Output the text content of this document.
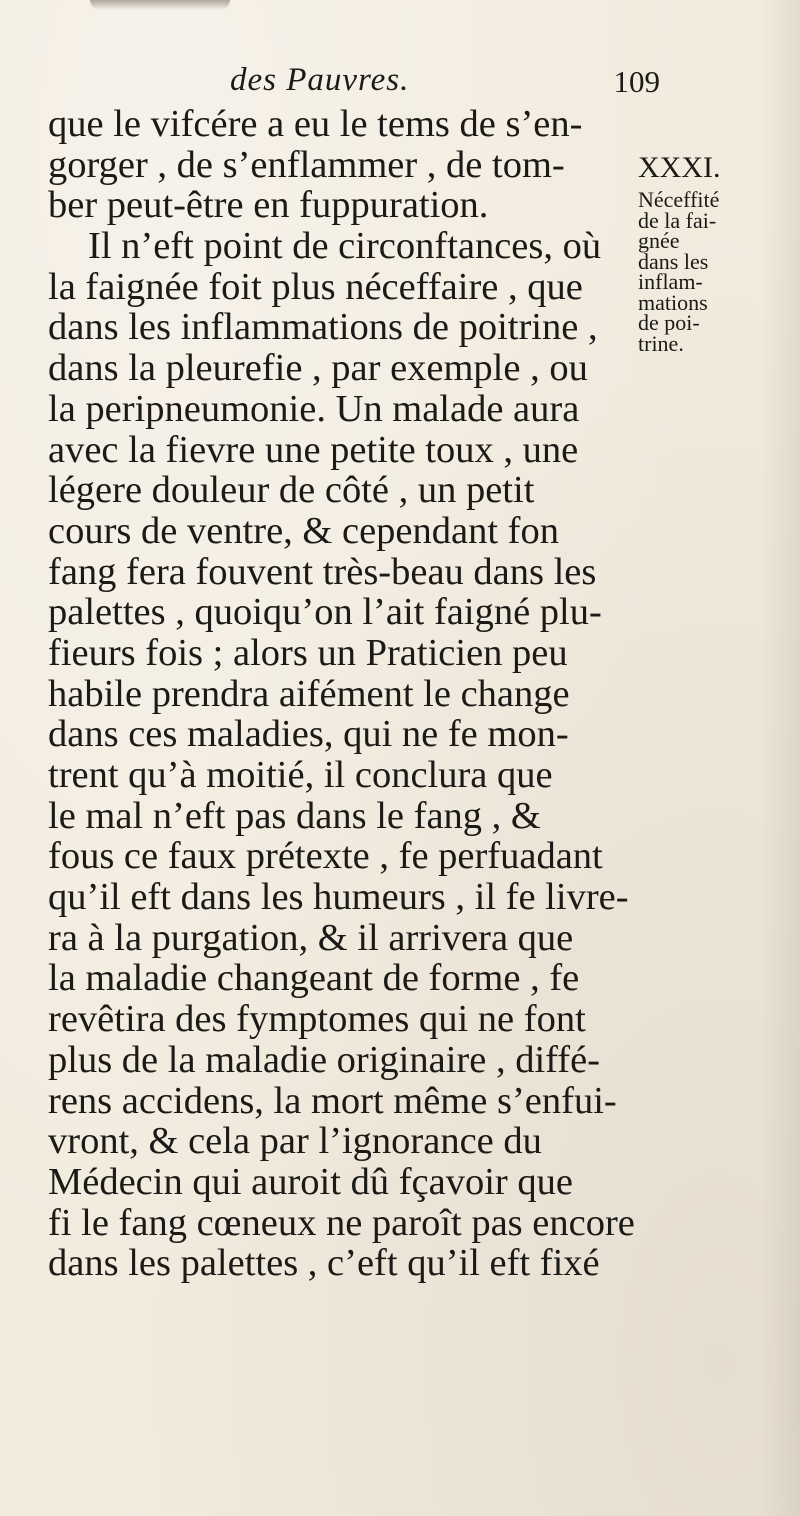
des Pauvres.	109
que le vifcére a eu le tems de s’en-
gorger , de s’enflammer , de tom-
ber peut-être en fuppuration.
Il n’eft point de circonftances, où
la faignée foit plus néceffaire , que
dans les inflammations de poitrine ,
dans la pleurefie , par exemple , ou
la peripneumonie. Un malade aura
avec la fievre une petite toux , une
légere douleur de côté , un petit
cours de ventre, & cependant fon
fang fera fouvent très-beau dans les
palettes , quoiqu’on l’ait faigné plu-
fieurs fois ; alors un Praticien peu
habile prendra aifément le change
dans ces maladies, qui ne fe mon-
trent qu’à moitié, il conclura que
le mal n’eft pas dans le fang , &
fous ce faux prétexte , fe perfuadant
qu’il eft dans les humeurs , il fe livre-
ra à la purgation, & il arrivera que
la maladie changeant de forme , fe
revêtira des fymptomes qui ne font
plus de la maladie originaire , diffé-
rens accidens, la mort même s’enfui-
vront, & cela par l’ignorance du
Médecin qui auroit dû fçavoir que
fi le fang cœneux ne paroît pas encore
dans les palettes , c’eft qu’il eft fixé
XXXI.
Néceffité
de la fai-
gnée
dans les
inflam-
mations
de poi-
trine.
